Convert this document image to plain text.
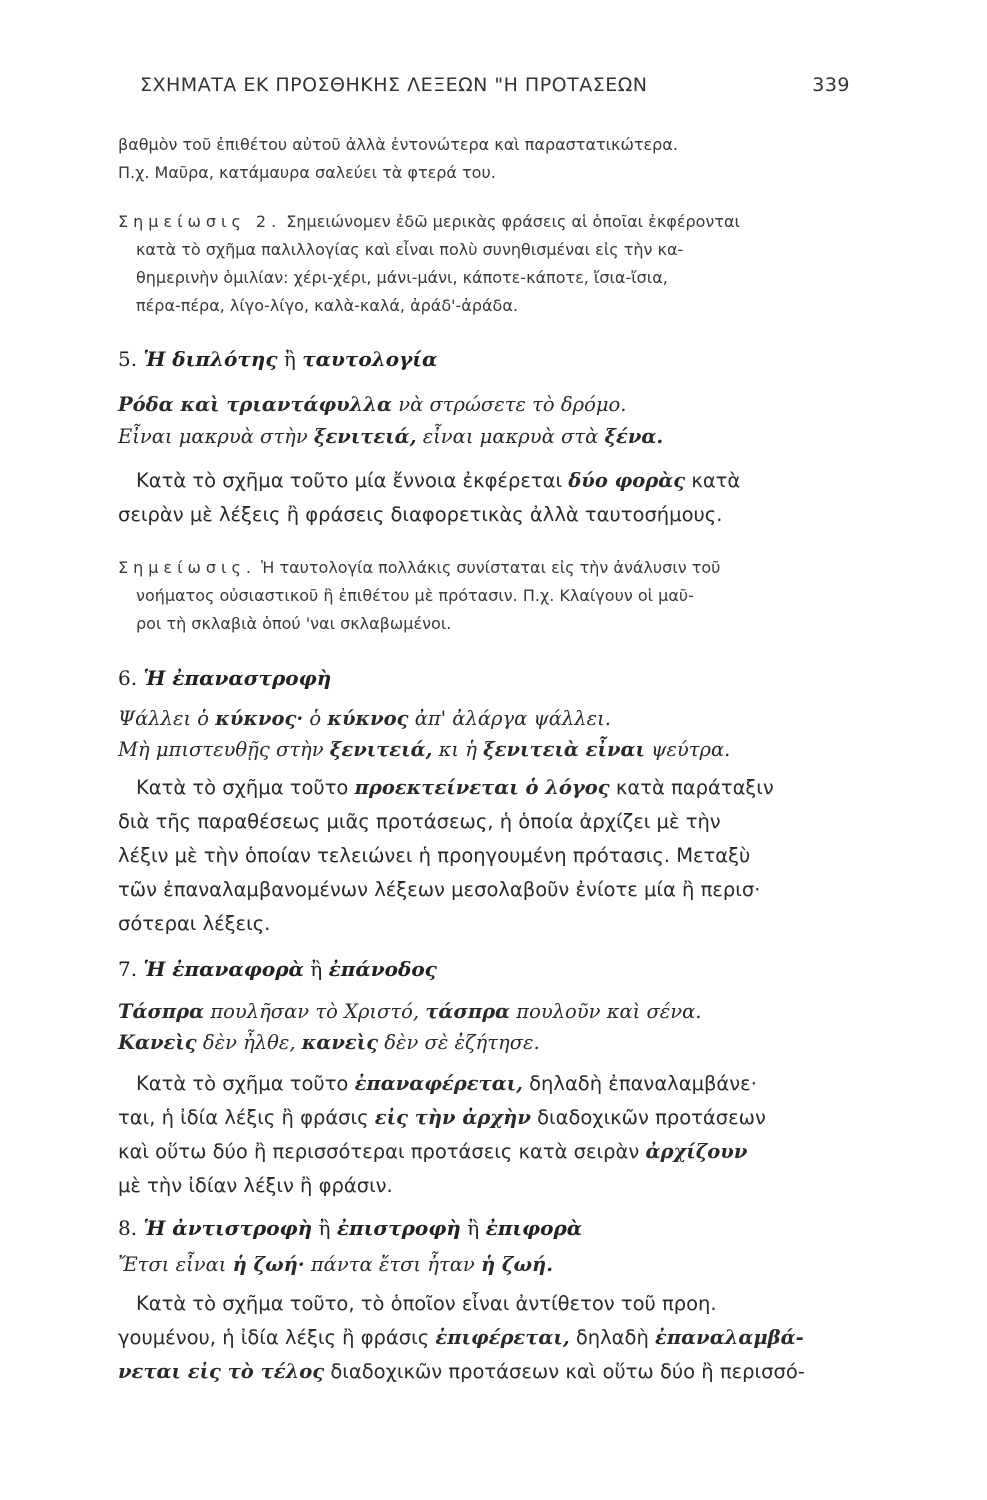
ΣΧΗΜΑΤΑ ΕΚ ΠΡΟΣΘΗΚΗΣ ΛΕΞΕΩΝ "Η ΠΡΟΤΑΣΕΩΝ	339
βαθμὸν τοῦ ἐπιθέτου αὐτοῦ ἀλλὰ ἐντονώτερα καὶ παραστατικώτερα.
Π.χ. Μαῦρα, κατάμαυρα σαλεύει τὰ φτερά του.
Σημείωσις 2. Σημειώνομεν ἐδῶ μερικὰς φράσεις αἱ ὁποῖαι ἐκφέρονται
κατὰ τὸ σχῆμα παλιλλογίας καὶ εἶναι πολὺ συνηθισμέναι εἰς τὴν κα-
θημερινὴν ὁμιλίαν: χέρι-χέρι, μάνι-μάνι, κάποτε-κάποτε, ἴσια-ἴσια,
πέρα-πέρα, λίγο-λίγο, καλὰ-καλά, ἀράδ'-ἀράδα.
5. Ἡ διπλότης ἢ ταυτολογία
Ρόδα καὶ τριαντάφυλλα νὰ στρώσετε τὸ δρόμο.
Εἶναι μακρυὰ στὴν ξενιτειά, εἶναι μακρυὰ στὰ ξένα.
Κατὰ τὸ σχῆμα τοῦτο μία ἔννοια ἐκφέρεται δύο φορὰς κατὰ
σειρὰν μὲ λέξεις ἢ φράσεις διαφορετικὰς ἀλλὰ ταυτοσήμους.
Σημείωσις. Ἡ ταυτολογία πολλάκις συνίσταται εἰς τὴν ἀνάλυσιν τοῦ
νοήματος οὐσιαστικοῦ ἢ ἐπιθέτου μὲ πρότασιν. Π.χ. Κλαίγουν οἱ μαῦ-
ροι τὴ σκλαβιὰ ὁπού 'ναι σκλαβωμένοι.
6. Ἡ ἐπαναστροφὴ
Ψάλλει ὁ κύκνος· ὁ κύκνος ἀπ' ἀλάργα ψάλλει.
Μὴ μπιστευθῇς στὴν ξενιτειά, κι ἡ ξενιτειὰ εἶναι ψεύτρα.
Κατὰ τὸ σχῆμα τοῦτο προεκτείνεται ὁ λόγος κατὰ παράταξιν
διὰ τῆς παραθέσεως μιᾶς προτάσεως, ἡ ὁποία ἀρχίζει μὲ τὴν
λέξιν μὲ τὴν ὁποίαν τελειώνει ἡ προηγουμένη πρότασις. Μεταξὺ
τῶν ἐπαναλαμβανομένων λέξεων μεσολαβοῦν ἐνίοτε μία ἢ περισ·
σότεραι λέξεις.
7. Ἡ ἐπαναφορὰ ἢ ἐπάνοδος
Τάσπρα πουλῆσαν τὸ Χριστό, τάσπρα πουλοῦν καὶ σένα.
Κανεὶς δὲν ἦλθε, κανεὶς δὲν σὲ ἐζήτησε.
Κατὰ τὸ σχῆμα τοῦτο ἐπαναφέρεται, δηλαδὴ ἐπαναλαμβάνε·
ται, ἡ ἰδία λέξις ἢ φράσις εἰς τὴν ἀρχὴν διαδοχικῶν προτάσεων
καὶ οὕτω δύο ἢ περισσότεραι προτάσεις κατὰ σειρὰν ἀρχίζουν
μὲ τὴν ἰδίαν λέξιν ἢ φράσιν.
8. Ἡ ἀντιστροφὴ ἢ ἐπιστροφὴ ἢ ἐπιφορὰ
Ἔτσι εἶναι ἡ ζωή· πάντα ἔτσι ἦταν ἡ ζωή.
Κατὰ τὸ σχῆμα τοῦτο, τὸ ὁποῖον εἶναι ἀντίθετον τοῦ προη.
γουμένου, ἡ ἰδία λέξις ἢ φράσις ἐπιφέρεται, δηλαδὴ ἐπαναλαμβά-
νεται εἰς τὸ τέλος διαδοχικῶν προτάσεων καὶ οὕτω δύο ἢ περισσό-
